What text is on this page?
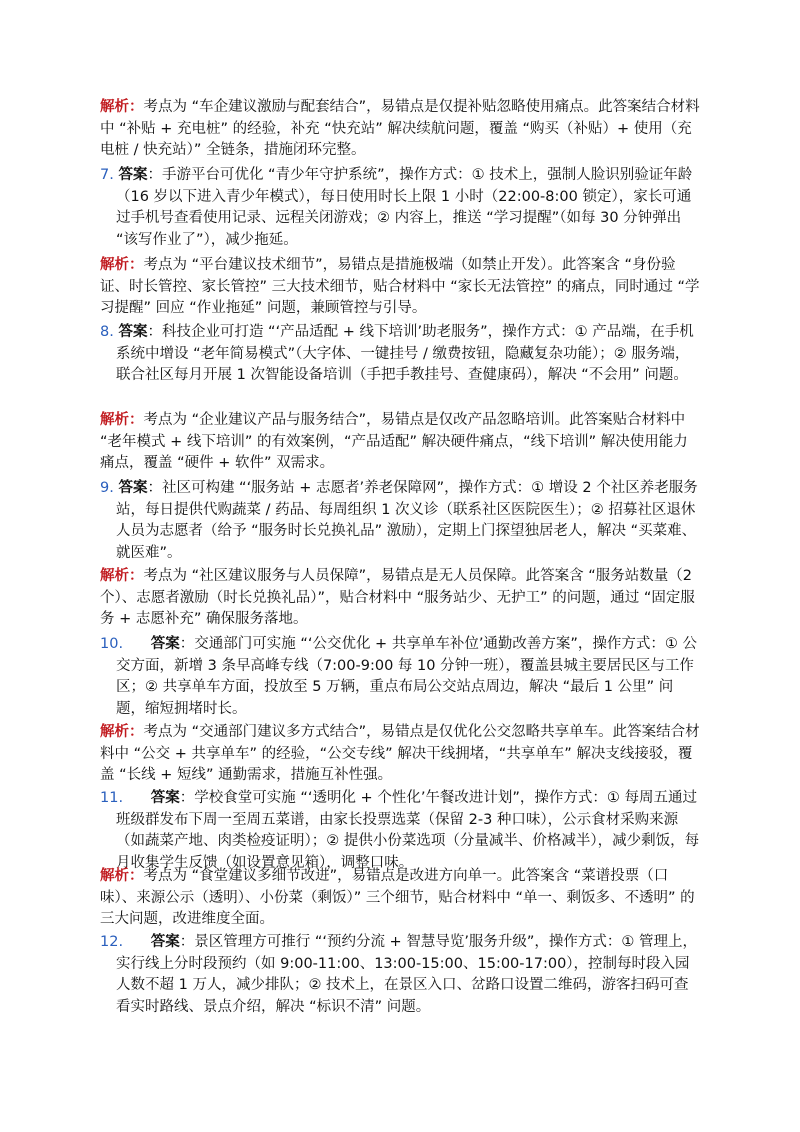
解析：考点为 “车企建议激励与配套结合”，易错点是仅提补贴忽略使用痛点。此答案结合材料中 “补贴 + 充电桩” 的经验，补充 “快充站” 解决续航问题，覆盖 “购买（补贴）+ 使用（充电桩 / 快充站）” 全链条，措施闭环完整。
7. 答案：手游平台可优化 “青少年守护系统”，操作方式：① 技术上，强制人脸识别验证年龄（16 岁以下进入青少年模式），每日使用时长上限 1 小时（22:00-8:00 锁定），家长可通过手机号查看使用记录、远程关闭游戏；② 内容上，推送 “学习提醒”（如每 30 分钟弹出 “该写作业了”），减少拖延。
解析：考点为 “平台建议技术细节”，易错点是措施极端（如禁止开发）。此答案含 “身份验证、时长管控、家长管控” 三大技术细节，贴合材料中 “家长无法管控” 的痛点，同时通过 “学习提醒” 回应 “作业拖延” 问题，兼顾管控与引导。
8. 答案：科技企业可打造 “‘产品适配 + 线下培训’助老服务”，操作方式：① 产品端，在手机系统中增设 “老年简易模式”（大字体、一键挂号 / 缴费按钮，隐藏复杂功能）；② 服务端，联合社区每月开展 1 次智能设备培训（手把手教挂号、查健康码），解决 “不会用” 问题。
解析：考点为 “企业建议产品与服务结合”，易错点是仅改产品忽略培训。此答案贴合材料中 “老年模式 + 线下培训” 的有效案例，“产品适配” 解决硬件痛点，“线下培训” 解决使用能力痛点，覆盖 “硬件 + 软件” 双需求。
9. 答案：社区可构建 “‘服务站 + 志愿者’养老保障网”，操作方式：① 增设 2 个社区养老服务站，每日提供代购蔬菜 / 药品、每周组织 1 次义诊（联系社区医院医生）；② 招募社区退休人员为志愿者（给予 “服务时长兑换礼品” 激励），定期上门探望独居老人，解决 “买菜难、就医难”。
解析：考点为 “社区建议服务与人员保障”，易错点是无人员保障。此答案含 “服务站数量（2 个）、志愿者激励（时长兑换礼品）”，贴合材料中 “服务站少、无护工” 的问题，通过 “固定服务 + 志愿补充” 确保服务落地。
10. 答案：交通部门可实施 “‘公交优化 + 共享单车补位’通勤改善方案”，操作方式：① 公交方面，新增 3 条早高峰专线（7:00-9:00 每 10 分钟一班），覆盖县城主要居民区与工作区；② 共享单车方面，投放至 5 万辆，重点布局公交站点周边，解决 “最后 1 公里” 问题，缩短拥堵时长。
解析：考点为 “交通部门建议多方式结合”，易错点是仅优化公交忽略共享单车。此答案结合材料中 “公交 + 共享单车” 的经验，“公交专线” 解决干线拥堵，“共享单车” 解决支线接驳，覆盖 “长线 + 短线” 通勤需求，措施互补性强。
11. 答案：学校食堂可实施 “‘透明化 + 个性化’午餐改进计划”，操作方式：① 每周五通过班级群发布下周一至周五菜谱，由家长投票选菜（保留 2-3 种口味），公示食材采购来源（如蔬菜产地、肉类检疫证明）；② 提供小份菜选项（分量减半、价格减半），减少剩饭，每月收集学生反馈（如设置意见箱），调整口味。
解析：考点为 “食堂建议多细节改进”，易错点是改进方向单一。此答案含 “菜谱投票（口味）、来源公示（透明）、小份菜（剩饭）” 三个细节，贴合材料中 “单一、剩饭多、不透明” 的三大问题，改进维度全面。
12. 答案：景区管理方可推行 “‘预约分流 + 智慧导览’服务升级”，操作方式：① 管理上，实行线上分时段预约（如 9:00-11:00、13:00-15:00、15:00-17:00），控制每时段入园人数不超 1 万人，减少排队；② 技术上，在景区入口、岔路口设置二维码，游客扫码可查看实时路线、景点介绍，解决 “标识不清” 问题。
